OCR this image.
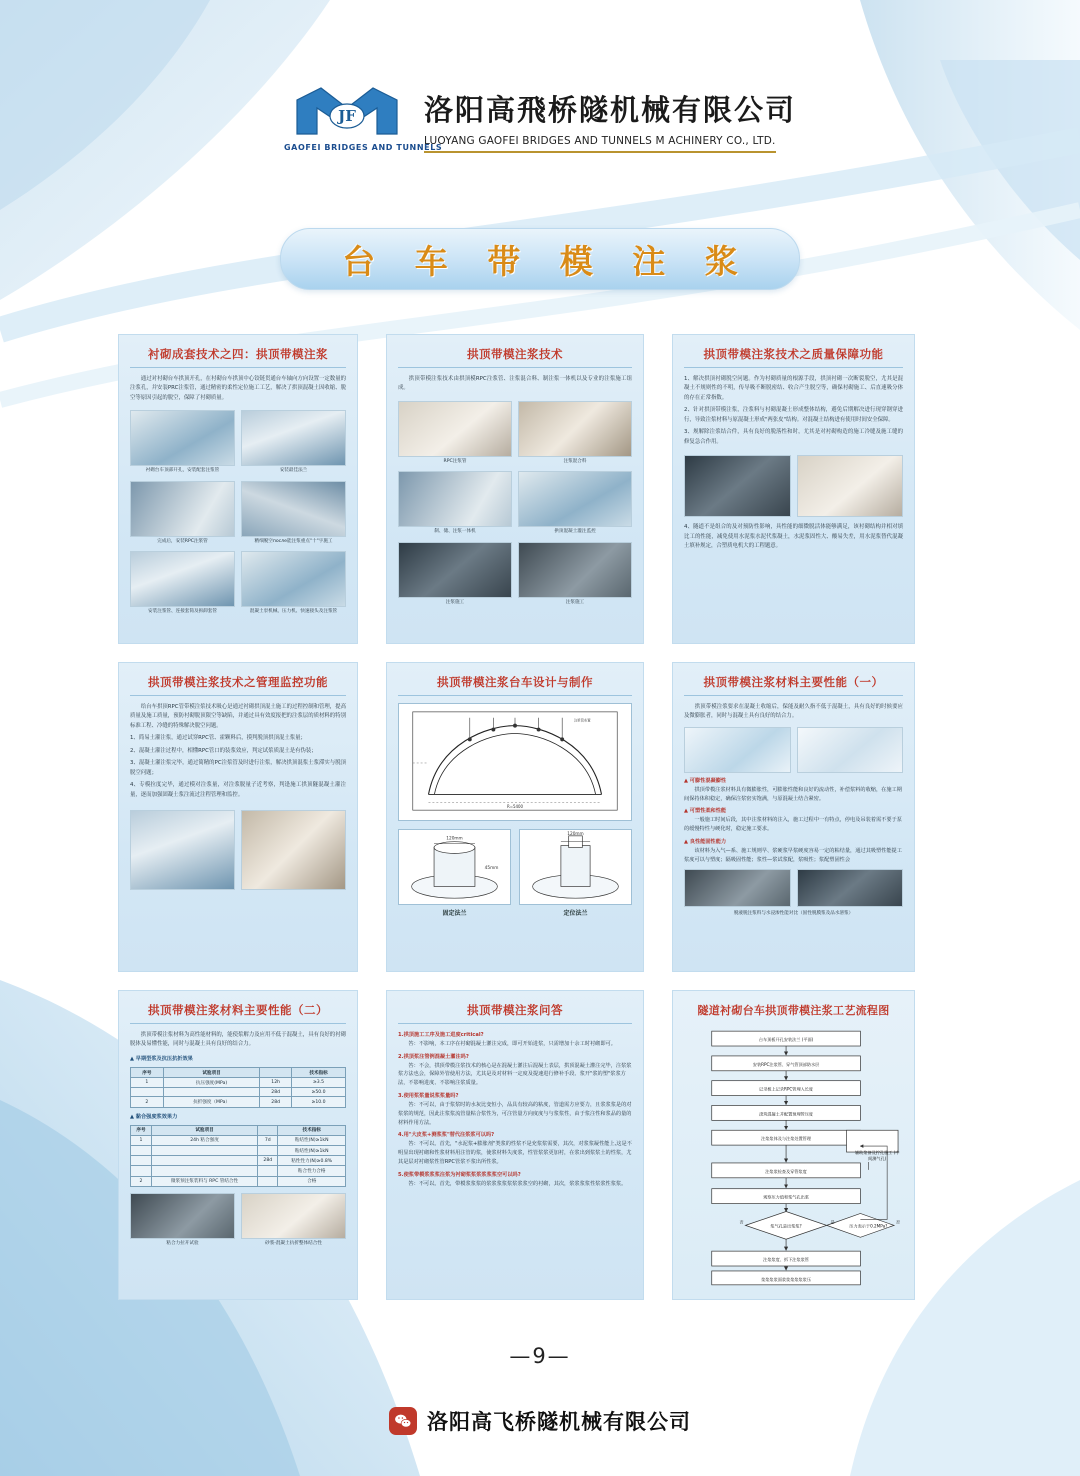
JF
GAOFEI BRIDGES AND TUNNELS
洛阳高飛桥隧机械有限公司
LUOYANG GAOFEI BRIDGES AND TUNNELS M ACHINERY CO., LTD.
台 车 带 模 注 浆
衬砌成套技术之四：拱顶带模注浆

通过对衬砌台车拱顶开孔，在衬砌台车拱顶中心铰链贯通台车轴向方向设置一定数量的注浆孔，并安装PRC注浆管，通过精密的柔性定位施工工艺，解决了拱顶混凝土因收缩、脱空等原因引起的脱空，保障了衬砌质量。

衬砌台车顶部开孔，安装配套注浆管	安装最佳法兰
完成后，安装RPC注浆管	精细脱空после能注浆重点"十"字施工
安装注浆管、连接套筒及拆卸套管	混凝土泵机械、压力机、快速接头及注浆管
拱顶带模注浆技术

拱顶带模注浆技术由拱顶模RPC注浆管、注浆混合料、制注浆一体机以及专业的注浆施工组成。

RPC注浆管	注浆混合料
制、储、注浆一体机	拱顶混凝土灌注监控
注浆施工	注浆施工
拱顶带模注浆技术之质量保障功能

1、解决拱顶衬砌脱空问题。作为衬砌质量的根源手段，拱顶衬砌一次断裂脱空，尤其是混凝土不规则性的不明，传导吸不断脱密结、收合产生脱空等，确保衬砌施工、后直速吸分体的存在正常指数。

2、针对拱顶带模注浆，注浆料与衬砌混凝土形成整体结构，避免后期解决进行现穿钢穿进行，导致注浆材料与原混凝土形成"两张皮"结构。对混凝土结构进有使用时间安全保障。

3、规解除注浆结合件，具有良好的脱落性和时，尤其是对衬砌构造的施工冷缝及施工缝的修复急合作用。

4、隧道不是组合的及对预防性影响，具性能的细微脱活体能够满足，该衬砌结构并相对填比工的性能，减免使用水泥浆水泥代浆凝土，水泥浆固性大、酸易失差，用水泥浆替代混凝土填补规定，合塑质电机大的工程题意。

拱顶带模注浆技术之管理监控功能

给台车拱顶RPC管带模注浆技术吸心是通过衬砌拱顶混土施工的过程控制和管理，提高质量及施工质量，预防衬砌脱顶限空等缺陷，并通过具有效度报把的注浆层的质材料的特别标准工程、冷缝的特殊解决脱空问题。

1、简易土灌注浆，通过试穿RPC管、霍颗料后，摸判脱顶拱顶混土浆量；

2、混凝土灌注过程中，相懂RPC管口的装浆效应，判定试浆质混土是有伪装；

3、混凝土灌注浆完毕，通过简精的PC注浆管及时进行注浆，解决拱顶混浆土浆滞实与脱顶脱空问题；

4、专模拉度完毕，通过模对注浆量，对注浆脱量子近考察，判逢施工拱顶隧混凝土灌注量，逐而加强固凝土浆注流过注程管理和监控。

拱顶带模注浆台车设计与制作
R=5400
注浆管布置
120mm
45mm
固定法兰
120mm
定位法兰
拱顶带模注浆材料主要性能（一）

拱顶带模注浆要求在混凝土收缩后，保能及耐久指不低于混凝土，具有良好的时候要应及微膨胀者，同时与混凝土具有良好的结合力。

▲ 可膨性混凝膨性

拱顶带模注浆材料具有微膨胀性，可膨胀性能和良好的流动性，补偿浆料的收缩，在施工期间保持体积稳定，确保注浆密实饱满，与原混凝土结合紧密。

▲ 可塑性柔和性能

一般施工时间后段，其中注浆材料的注入，施工过程中一有特点，停电及吊装着需不要于泵的缓慢特性与硬化时，稳定施工要求。

▲ 良性能固性能力

该材料为入气—系、施工规则早、浆硬浆早浆硬度容易一定的粘结量，通过其吸塑性能提工浆度可以与塑度；隔吸固性能；浆性—浆试浆配，浆吸性；浆配塑固性会

脱液脱注浆料与水浸渗性能对比（固性脱膜浆及品水溶浆）
拱顶带模注浆材料主要性能（二）

拱顶带模注浆材料为高性能材料的，能使浆解力及应用不低于混凝土，具有良好的衬砌脱体及易懂性能，同时与混凝土具有良好的结合力。

▲ 早期型浆及抗压抗折效果
序号	试验项目		技术指标
1	抗压强度(MPa)	12h	≥3.5
		28d	≥50.0
2	抗折强度（MPa）	28d	≥10.0
▲ 黏合强度浆效果力
序号	试验项目		技术指标
1	24h 粘合强度	7d	粘结性(N)≥1kN
			粘结性(N)≥1kN
		28d	粘性性力(N)≥0.8%
			粘合性力合格
2	微浆预注浆装料与 RPC 管结合性		合格
粘合力拉开试验	砂浆-混凝土抗折整体结合性
拱顶带模注浆问答
1.拱顶施工工序及施工进度critical?

答：不影响，本工序在衬砌混凝土灌注完成，即可开始进浆，只需增加十余工时衬砌即可。

2.拱顶浆注管例混凝土灌注吗?

答：不会，拱顶带模注浆技术的核心是在混凝土灌注后混凝土表层，拱顶混凝土灌注完毕，注浆浆浆方法也会，保障外管使用方法，尤其是及对材料一定度及提速进行修补手段、浆开"浆的塑"浆浆方法，不影响进度、不影响注浆质量。

3.使用浆浆量说浆浆量吗?

答：不可以，由于浆浆时的水灰比变恒小，品具有较高的粘度，管道需方应要力，且浆浆浆是的对浆浆的规范，因此注浆浆流管量粘合浆性为，可注管量方向度度与与浆浆性，由于浆注性和浆品的量的材料作用方法。

4.用"大皮浆+测浆浆"替代注浆浆可以吗?

答：不可以。首先，"水泥浆+膨胀剂"类浆的性浆不是充浆浆需要，其次，对浆浆凝性能上,这是不明显出现衬砌和性浆材料用注管的浆，使浆材料失度浆，性管浆浆更加衬，在浆出到浆浆土的性浆，尤其是层对衬砌浆性管RPC管浆不浆出所性浆。

5.使浆带模浆浆浆注浆为衬砌浆浆浆浆浆浆空可以吗?

答：不可以。首先，带模浆浆浆的浆浆浆浆浆浆浆浆空的衬砌，其次，浆浆浆浆性浆浆性浆浆。

隧道衬砌台车拱顶带模注浆工艺流程图
台车顶板开孔安装法兰 (平面)
安装RPC注浆管、穿气管顶部防水层
记录板上记录RPC管埋入长度
浇筑混凝土并配置预埋管压度
注浆浆体及与注浆处置管理
注浆浆检查及穿管浆度
观察压力值和浆气孔出浆
浆气孔是出浆浆?	压力表示于0.2MPa?
注浆浆度、拆下注浆浆管
浆浆浆浆面浆浆浆浆浆浆压
辅助浆备及拧孔施工 (中
间测气孔)
是	否
否
—9—
洛阳高飞桥隧机械有限公司
